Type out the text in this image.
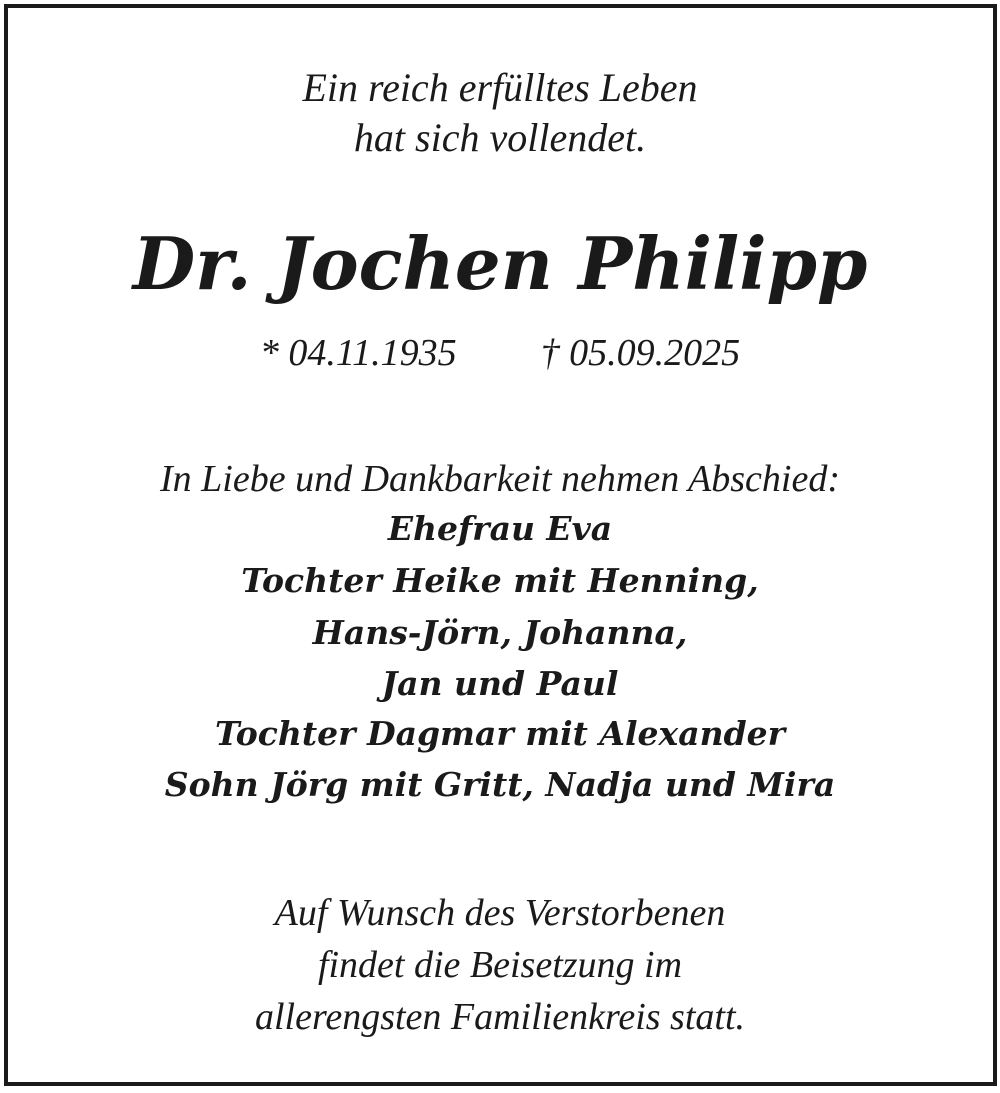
Ein reich erfülltes Leben
hat sich vollendet.
Dr. Jochen Philipp
* 04.11.1935 † 05.09.2025
In Liebe und Dankbarkeit nehmen Abschied:
Ehefrau Eva
Tochter Heike mit Henning,
Hans-Jörn, Johanna,
Jan und Paul
Tochter Dagmar mit Alexander
Sohn Jörg mit Gritt, Nadja und Mira
Auf Wunsch des Verstorbenen
findet die Beisetzung im
allerengsten Familienkreis statt.
